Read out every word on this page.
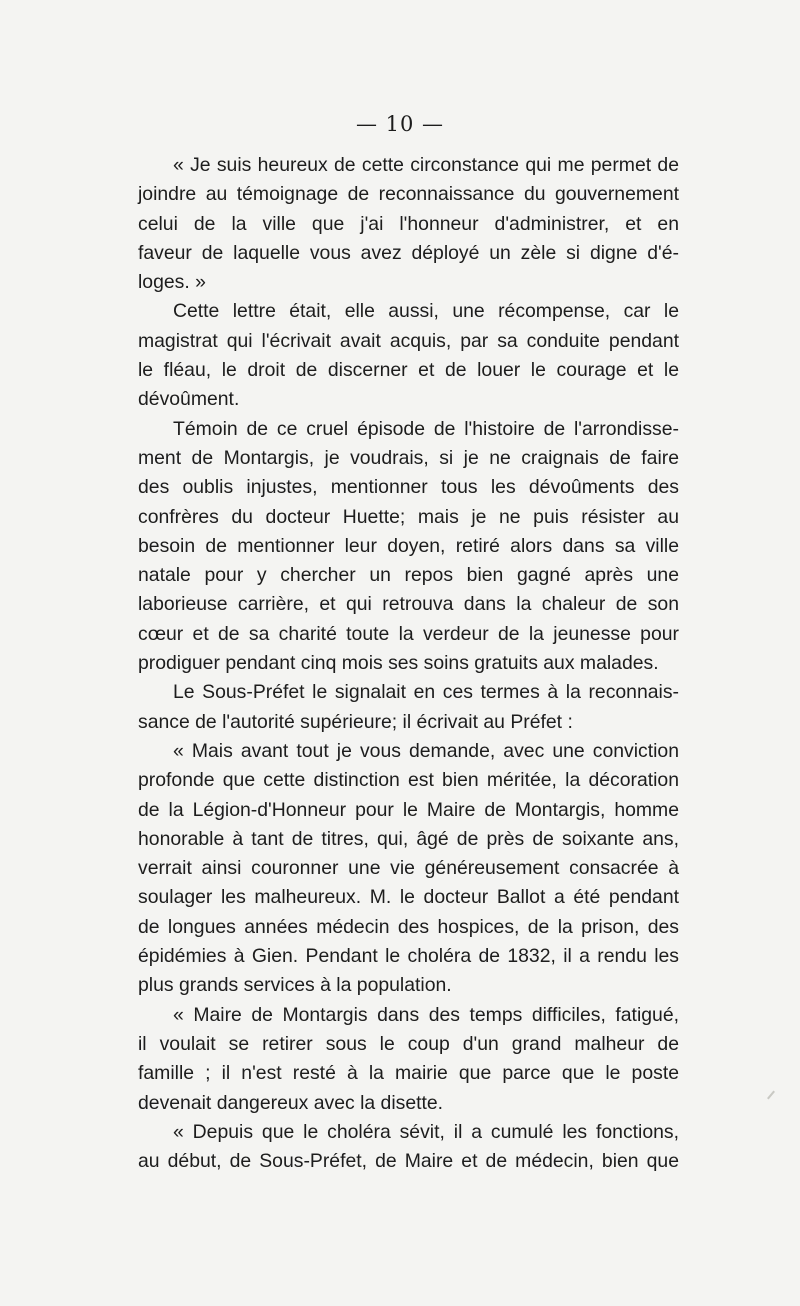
— 10 —
« Je suis heureux de cette circonstance qui me permet de
joindre au témoignage de reconnaissance du gouvernement
celui de la ville que j'ai l'honneur d'administrer, et en
faveur de laquelle vous avez déployé un zèle si digne d'é-
loges. »
Cette lettre était, elle aussi, une récompense, car le
magistrat qui l'écrivait avait acquis, par sa conduite pendant
le fléau, le droit de discerner et de louer le courage et le
dévoûment.
Témoin de ce cruel épisode de l'histoire de l'arrondisse-
ment de Montargis, je voudrais, si je ne craignais de faire
des oublis injustes, mentionner tous les dévoûments des
confrères du docteur Huette; mais je ne puis résister au
besoin de mentionner leur doyen, retiré alors dans sa ville
natale pour y chercher un repos bien gagné après une
laborieuse carrière, et qui retrouva dans la chaleur de son
cœur et de sa charité toute la verdeur de la jeunesse pour
prodiguer pendant cinq mois ses soins gratuits aux malades.
Le Sous-Préfet le signalait en ces termes à la reconnais-
sance de l'autorité supérieure; il écrivait au Préfet :
« Mais avant tout je vous demande, avec une conviction
profonde que cette distinction est bien méritée, la décoration
de la Légion-d'Honneur pour le Maire de Montargis, homme
honorable à tant de titres, qui, âgé de près de soixante ans,
verrait ainsi couronner une vie généreusement consacrée à
soulager les malheureux. M. le docteur Ballot a été pendant
de longues années médecin des hospices, de la prison, des
épidémies à Gien. Pendant le choléra de 1832, il a rendu les
plus grands services à la population.
« Maire de Montargis dans des temps difficiles, fatigué,
il voulait se retirer sous le coup d'un grand malheur de
famille ; il n'est resté à la mairie que parce que le poste
devenait dangereux avec la disette.
« Depuis que le choléra sévit, il a cumulé les fonctions,
au début, de Sous-Préfet, de Maire et de médecin, bien que
